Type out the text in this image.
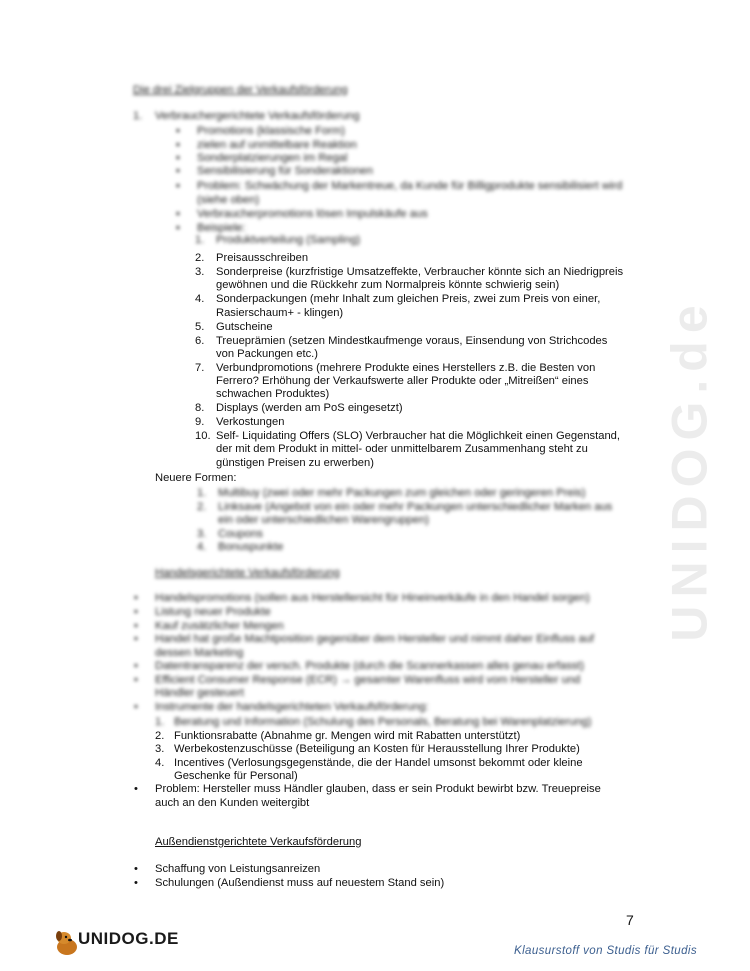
UNIDOG.de
Die drei Zielgruppen der Verkaufsförderung
1. Verbrauchergerichtete Verkaufsförderung
▪ Promotions (klassische Form)
▪ zielen auf unmittelbare Reaktion
▪ Sonderplatzierungen im Regal
▪ Sensibilisierung für Sonderaktionen
▪ Problem: Schwächung der Markentreue, da Kunde für Billigprodukte sensibilisiert wird
(siehe oben)
▪ Verbraucherpromotions lösen Impulskäufe aus
▪ Beispiele:
1. Produktverteilung (Sampling)
2. Preisausschreiben
3. Sonderpreise (kurzfristige Umsatzeffekte, Verbraucher könnte sich an Niedrigpreis
gewöhnen und die Rückkehr zum Normalpreis könnte schwierig sein)
4. Sonderpackungen (mehr Inhalt zum gleichen Preis, zwei zum Preis von einer,
Rasierschaum+ - klingen)
5. Gutscheine
6. Treueprämien (setzen Mindestkaufmenge voraus, Einsendung von Strichcodes
von Packungen etc.)
7. Verbundpromotions (mehrere Produkte eines Herstellers z.B. die Besten von
Ferrero? Erhöhung der Verkaufswerte aller Produkte oder „Mitreißen“ eines
schwachen Produktes)
8. Displays (werden am PoS eingesetzt)
9. Verkostungen
10. Self- Liquidating Offers (SLO) Verbraucher hat die Möglichkeit einen Gegenstand,
der mit dem Produkt in mittel- oder unmittelbarem Zusammenhang steht zu
günstigen Preisen zu erwerben)
Neuere Formen:
1. Multibuy (zwei oder mehr Packungen zum gleichen oder geringeren Preis)
2. Linksave (Angebot von ein oder mehr Packungen unterschiedlicher Marken aus
ein oder unterschiedlichen Warengruppen)
3. Coupons
4. Bonuspunkte
Handelsgerichtete Verkaufsförderung
• Handelspromotions (sollen aus Herstellersicht für Hineinverkäufe in den Handel sorgen)
• Listung neuer Produkte
• Kauf zusätzlicher Mengen
• Handel hat große Machtposition gegenüber dem Hersteller und nimmt daher Einfluss auf
dessen Marketing
• Datentransparenz der versch. Produkte (durch die Scannerkassen alles genau erfasst)
• Efficient Consumer Response (ECR) → gesamter Warenfluss wird vom Hersteller und
Händler gesteuert
• Instrumente der handelsgerichteten Verkaufsförderung:
1. Beratung und Information (Schulung des Personals, Beratung bei Warenplatzierung)
2. Funktionsrabatte (Abnahme gr. Mengen wird mit Rabatten unterstützt)
3. Werbekostenzuschüsse (Beteiligung an Kosten für Herausstellung Ihrer Produkte)
4. Incentives (Verlosungsgegenstände, die der Handel umsonst bekommt oder kleine
Geschenke für Personal)
• Problem: Hersteller muss Händler glauben, dass er sein Produkt bewirbt bzw. Treuepreise
auch an den Kunden weitergibt
Außendienstgerichtete Verkaufsförderung
• Schaffung von Leistungsanreizen
• Schulungen (Außendienst muss auf neuestem Stand sein)
7
UNIDOG.DE
Klausurstoff von Studis für Studis
